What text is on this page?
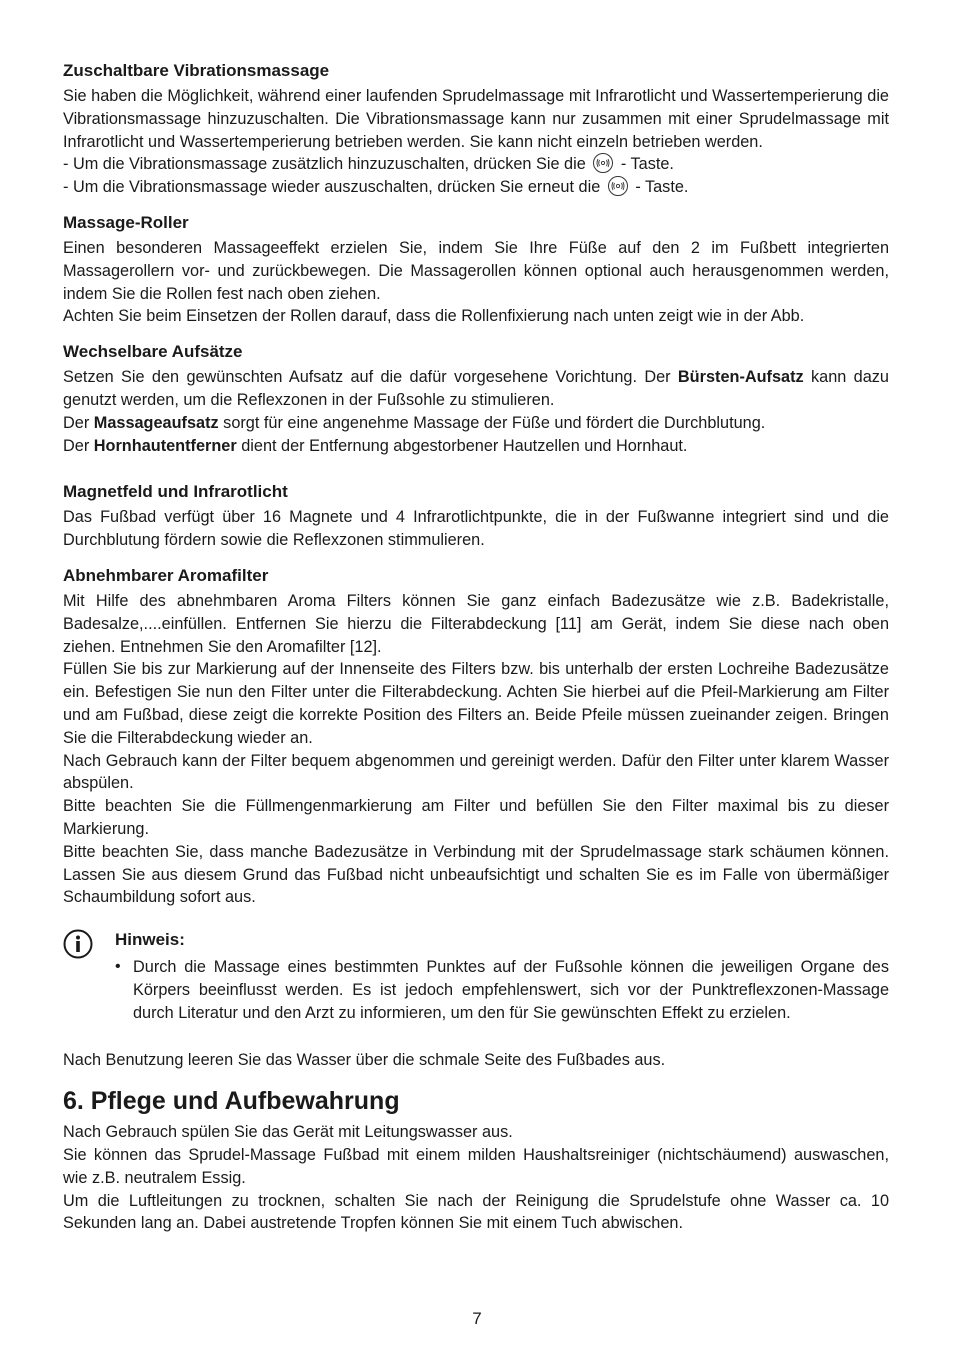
Zuschaltbare Vibrationsmassage

Sie haben die Möglichkeit, während einer laufenden Sprudelmassage mit Infrarotlicht und Wassertemperierung die Vibrationsmassage hinzuzuschalten. Die Vibrationsmassage kann nur zusammen mit einer Sprudelmassage mit Infrarotlicht und Wassertemperierung betrieben werden. Sie kann nicht einzeln betrieben werden.

- Um die Vibrationsmassage zusätzlich hinzuzuschalten, drücken Sie die - Taste.

- Um die Vibrationsmassage wieder auszuschalten, drücken Sie erneut die - Taste.

Massage-Roller

Einen besonderen Massageeffekt erzielen Sie, indem Sie Ihre Füße auf den 2 im Fußbett integrierten Massagerollern vor- und zurückbewegen. Die Massagerollen können optional auch herausgenommen werden, indem Sie die Rollen fest nach oben ziehen.

Achten Sie beim Einsetzen der Rollen darauf, dass die Rollenfixierung nach unten zeigt wie in der Abb.

Wechselbare Aufsätze

Setzen Sie den gewünschten Aufsatz auf die dafür vorgesehene Vorichtung. Der Bürsten-Aufsatz kann dazu genutzt werden, um die Reflexzonen in der Fußsohle zu stimulieren.

Der Massageaufsatz sorgt für eine angenehme Massage der Füße und fördert die Durchblutung.

Der Hornhautentferner dient der Entfernung abgestorbener Hautzellen und Hornhaut.

Magnetfeld und Infrarotlicht

Das Fußbad verfügt über 16 Magnete und 4 Infrarotlichtpunkte, die in der Fußwanne integriert sind und die Durchblutung fördern sowie die Reflexzonen stimmulieren.

Abnehmbarer Aromafilter

Mit Hilfe des abnehmbaren Aroma Filters können Sie ganz einfach Badezusätze wie z.B. Badekristalle, Badesalze,....einfüllen. Entfernen Sie hierzu die Filterabdeckung [11] am Gerät, indem Sie diese nach oben ziehen. Entnehmen Sie den Aromafilter [12].

Füllen Sie bis zur Markierung auf der Innenseite des Filters bzw. bis unterhalb der ersten Lochreihe Badezusätze ein. Befestigen Sie nun den Filter unter die Filterabdeckung. Achten Sie hierbei auf die Pfeil-Markierung am Filter und am Fußbad, diese zeigt die korrekte Position des Filters an. Beide Pfeile müssen zueinander zeigen. Bringen Sie die Filterabdeckung wieder an.

Nach Gebrauch kann der Filter bequem abgenommen und gereinigt werden. Dafür den Filter unter klarem Wasser abspülen.

Bitte beachten Sie die Füllmengenmarkierung am Filter und befüllen Sie den Filter maximal bis zu dieser Markierung.

Bitte beachten Sie, dass manche Badezusätze in Verbindung mit der Sprudelmassage stark schäumen können. Lassen Sie aus diesem Grund das Fußbad nicht unbeaufsichtigt und schalten Sie es im Falle von übermäßiger Schaumbildung sofort aus.

Hinweis:
• Durch die Massage eines bestimmten Punktes auf der Fußsohle können die jeweiligen Organe des Körpers beeinflusst werden. Es ist jedoch empfehlenswert, sich vor der Punktreflexzonen-Massage durch Literatur und den Arzt zu informieren, um den für Sie gewünschten Effekt zu erzielen.

Nach Benutzung leeren Sie das Wasser über die schmale Seite des Fußbades aus.

6. Pflege und Aufbewahrung

Nach Gebrauch spülen Sie das Gerät mit Leitungswasser aus.

Sie können das Sprudel-Massage Fußbad mit einem milden Haushaltsreiniger (nichtschäumend) auswaschen, wie z.B. neutralem Essig.

Um die Luftleitungen zu trocknen, schalten Sie nach der Reinigung die Sprudelstufe ohne Wasser ca. 10 Sekunden lang an. Dabei austretende Tropfen können Sie mit einem Tuch abwischen.

7
